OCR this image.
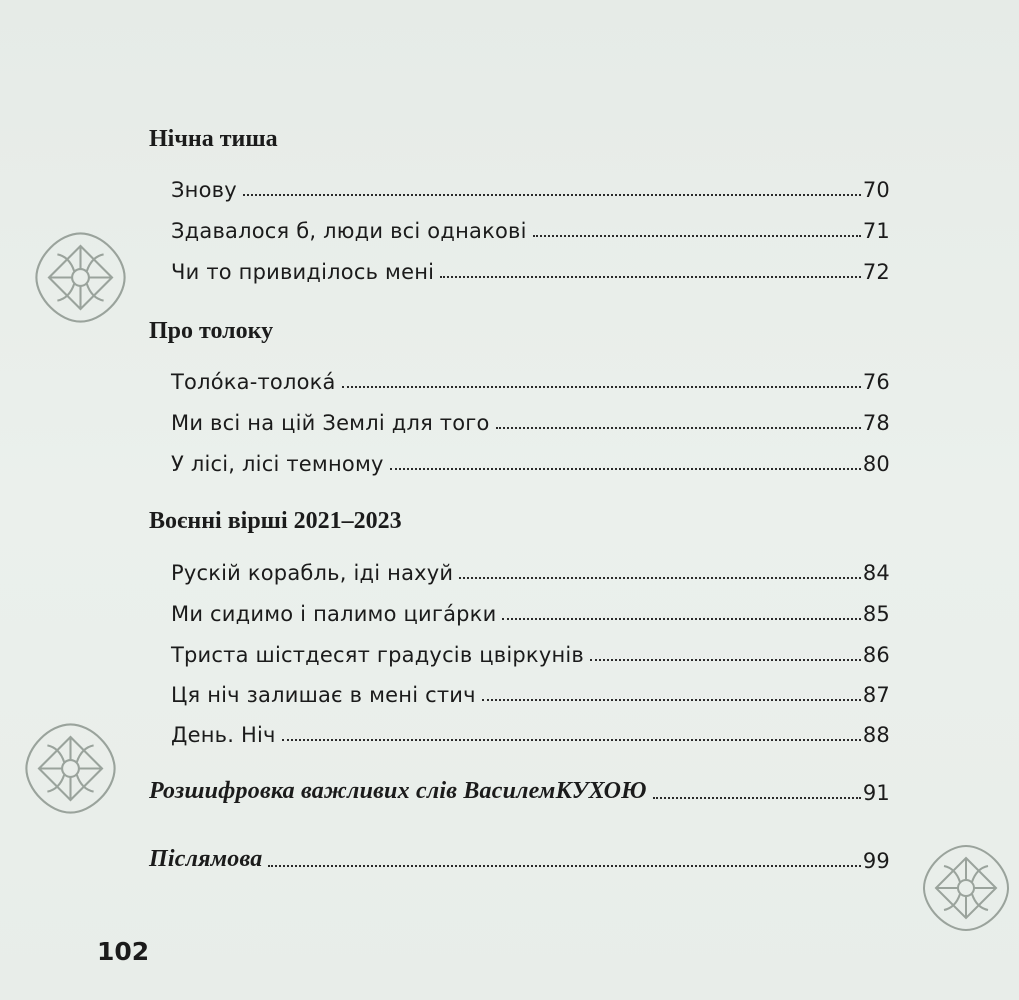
Нічна тиша
Знову	70
Здавалося б, люди всі однакові	71
Чи то привиділось мені	72
Про толоку
Толóка-толокá	76
Ми всі на цій Землі для того	78
У лісі, лісі темному	80
Воєнні вірші 2021–2023
Рускій корабль, іді нахуй	84
Ми сидимо і палимо цигáрки	85
Триста шістдесят градусів цвіркунів	86
Ця ніч залишає в мені стич	87
День. Ніч	88
Розшифровка важливих слів ВасилемКУХОЮ	91
Післямова	99
102
